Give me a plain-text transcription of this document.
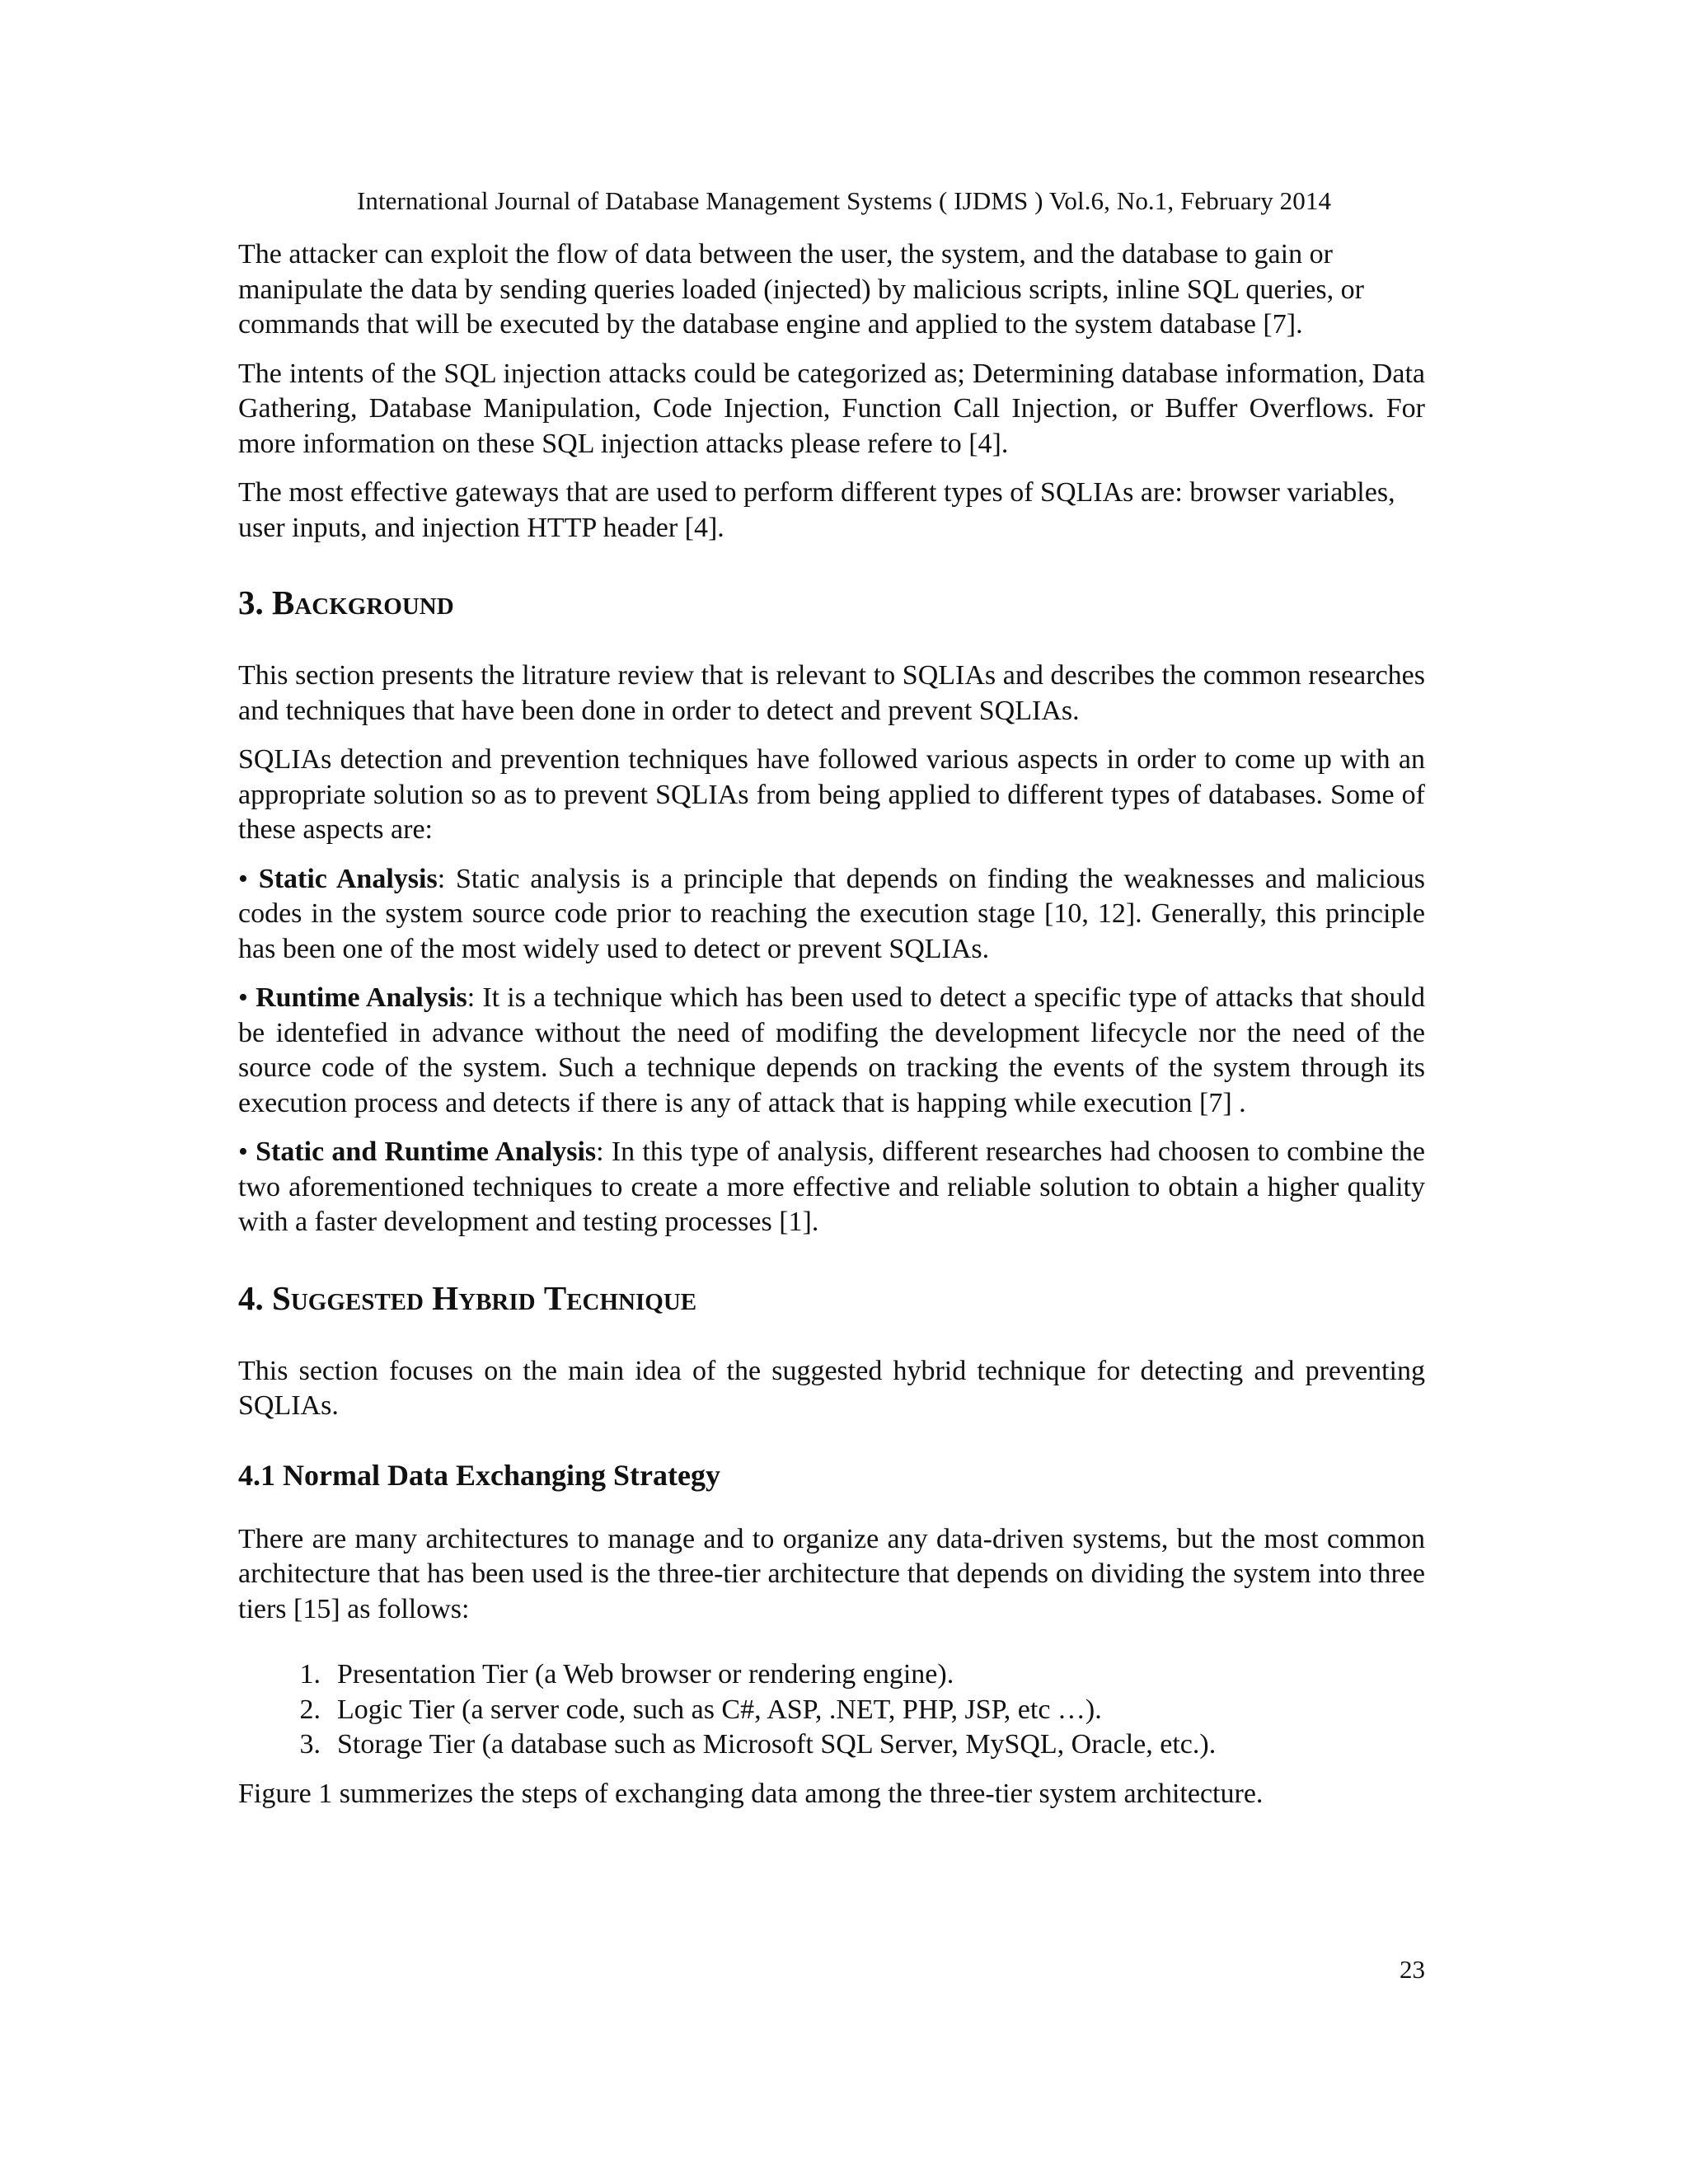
International Journal of Database Management Systems ( IJDMS ) Vol.6, No.1, February 2014

The attacker can exploit the flow of data between the user, the system, and the database to gain or manipulate the data by sending queries loaded (injected) by malicious scripts, inline SQL queries, or commands that will be executed by the database engine and applied to the system database [7].

The intents of the SQL injection attacks could be categorized as; Determining database information, Data Gathering, Database Manipulation, Code Injection, Function Call Injection, or Buffer Overflows. For more information on these SQL injection attacks please refere to [4].

The most effective gateways that are used to perform different types of SQLIAs are: browser variables, user inputs, and injection HTTP header [4].

3. Background

This section presents the litrature review that is relevant to SQLIAs and describes the common researches and techniques that have been done in order to detect and prevent SQLIAs.

SQLIAs detection and prevention techniques have followed various aspects in order to come up with an appropriate solution so as to prevent SQLIAs from being applied to different types of databases. Some of these aspects are:

• Static Analysis: Static analysis is a principle that depends on finding the weaknesses and malicious codes in the system source code prior to reaching the execution stage [10, 12]. Generally, this principle has been one of the most widely used to detect or prevent SQLIAs.

• Runtime Analysis: It is a technique which has been used to detect a specific type of attacks that should be identefied in advance without the need of modifing the development lifecycle nor the need of the source code of the system. Such a technique depends on tracking the events of the system through its execution process and detects if there is any of attack that is happing while execution [7] .

• Static and Runtime Analysis: In this type of analysis, different researches had choosen to combine the two aforementioned techniques to create a more effective and reliable solution to obtain a higher quality with a faster development and testing processes [1].

4. Suggested Hybrid Technique

This section focuses on the main idea of the suggested hybrid technique for detecting and preventing SQLIAs.

4.1 Normal Data Exchanging Strategy

There are many architectures to manage and to organize any data-driven systems, but the most common architecture that has been used is the three-tier architecture that depends on dividing the system into three tiers [15] as follows:

1. Presentation Tier (a Web browser or rendering engine).
2. Logic Tier (a server code, such as C#, ASP, .NET, PHP, JSP, etc …).
3. Storage Tier (a database such as Microsoft SQL Server, MySQL, Oracle, etc.).

Figure 1 summerizes the steps of exchanging data among the three-tier system architecture.

23
